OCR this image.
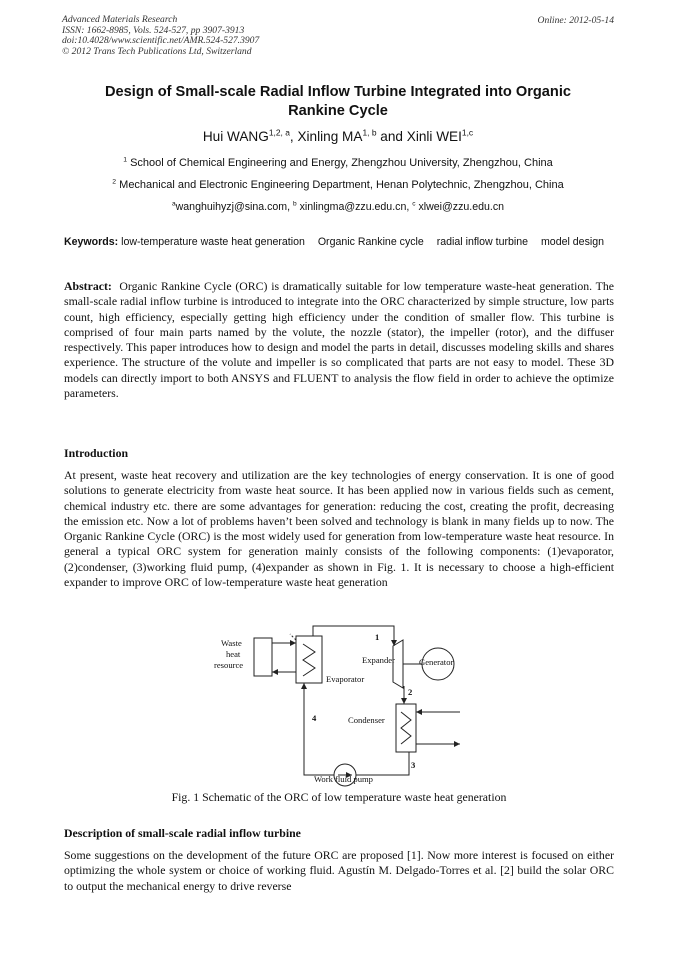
Advanced Materials Research
ISSN: 1662-8985, Vols. 524-527, pp 3907-3913
doi:10.4028/www.scientific.net/AMR.524-527.3907
© 2012 Trans Tech Publications Ltd, Switzerland
Online: 2012-05-14
Design of Small-scale Radial Inflow Turbine Integrated into Organic
Rankine Cycle
Hui WANG$^{1,2, a}$, Xinling MA$^{1, b}$ and Xinli WEI$^{1,c}$
$^1$ School of Chemical Engineering and Energy, Zhengzhou University, Zhengzhou, China
$^2$ Mechanical and Electronic Engineering Department, Henan Polytechnic, Zhengzhou, China
$^a$wanghuihyzj@sina.com, $^b$ xinlingma@zzu.edu.cn, $^c$ xlwei@zzu.edu.cn
Keywords: low-temperature waste heat generation Organic Rankine cycle radial inflow turbine model design
Abstract: Organic Rankine Cycle (ORC) is dramatically suitable for low temperature waste-heat generation. The small-scale radial inflow turbine is introduced to integrate into the ORC characterized by simple structure, low parts count, high efficiency, especially getting high efficiency under the condition of smaller flow. This turbine is comprised of four main parts named by the volute, the nozzle (stator), the impeller (rotor), and the diffuser respectively. This paper introduces how to design and model the parts in detail, discusses modeling skills and shares experience. The structure of the volute and impeller is so complicated that parts are not easy to model. These 3D models can directly import to both ANSYS and FLUENT to analysis the flow field in order to achieve the optimize parameters.
Introduction

At present, waste heat recovery and utilization are the key technologies of energy conservation. It is one of good solutions to generate electricity from waste heat source. It has been applied now in various fields such as cement, chemical industry etc. there are some advantages for generation: reducing the cost, creating the profit, decreasing the emission etc. Now a lot of problems haven’t been solved and technology is blank in many fields up to now. The Organic Rankine Cycle (ORC) is the most widely used for generation from low-temperature waste heat resource. In general a typical ORC system for generation mainly consists of the following components: (1)evaporator, (2)condenser, (3)working fluid pump, (4)expander as shown in Fig. 1. It is necessary to choose a high-efficient expander to improve ORC of low-temperature waste heat generation

Waste
heat
resource
Evaporator
Expander	Generator
Condenser
Work fluid pump
1
2
3
4
Fig. 1 Schematic of the ORC of low temperature waste heat generation
Description of small-scale radial inflow turbine

Some suggestions on the development of the future ORC are proposed [1]. Now more interest is focused on either optimizing the whole system or choice of working fluid. Agustín M. Delgado-Torres et al. [2] build the solar ORC to output the mechanical energy to drive reverse
